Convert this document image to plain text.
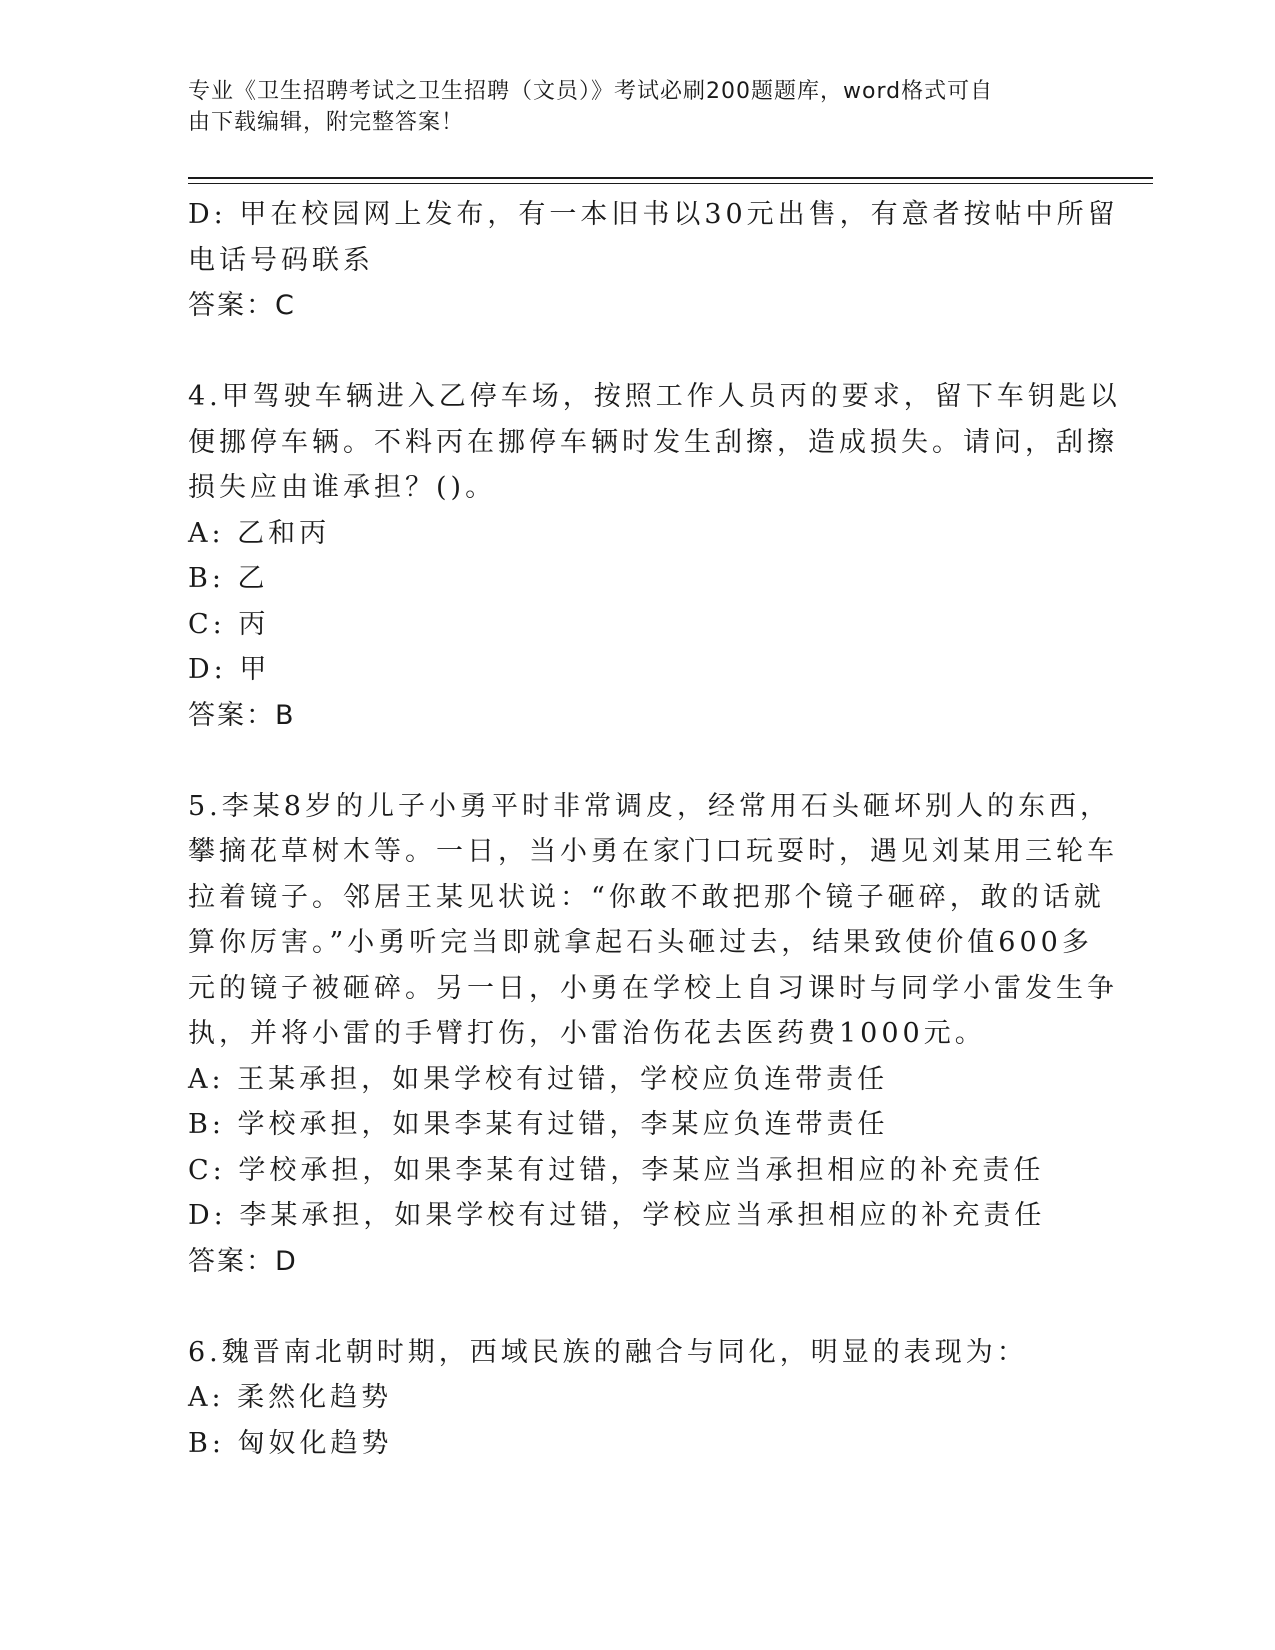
专业《卫生招聘考试之卫生招聘（文员）》考试必刷200题题库，word格式可自
由下载编辑，附完整答案！
D: 甲在校园网上发布，有一本旧书以30元出售，有意者按帖中所留
电话号码联系
答案：C
4.甲驾驶车辆进入乙停车场，按照工作人员丙的要求，留下车钥匙以
便挪停车辆。不料丙在挪停车辆时发生刮擦，造成损失。请问，刮擦
损失应由谁承担？()。
A: 乙和丙
B: 乙
C: 丙
D: 甲
答案：B
5.李某8岁的儿子小勇平时非常调皮，经常用石头砸坏别人的东西，
攀摘花草树木等。一日，当小勇在家门口玩耍时，遇见刘某用三轮车
拉着镜子。邻居王某见状说：“你敢不敢把那个镜子砸碎，敢的话就
算你厉害。”小勇听完当即就拿起石头砸过去，结果致使价值600多
元的镜子被砸碎。另一日，小勇在学校上自习课时与同学小雷发生争
执，并将小雷的手臂打伤，小雷治伤花去医药费1000元。
A: 王某承担，如果学校有过错，学校应负连带责任
B: 学校承担，如果李某有过错，李某应负连带责任
C: 学校承担，如果李某有过错，李某应当承担相应的补充责任
D: 李某承担，如果学校有过错，学校应当承担相应的补充责任
答案：D
6.魏晋南北朝时期，西域民族的融合与同化，明显的表现为：
A: 柔然化趋势
B: 匈奴化趋势
